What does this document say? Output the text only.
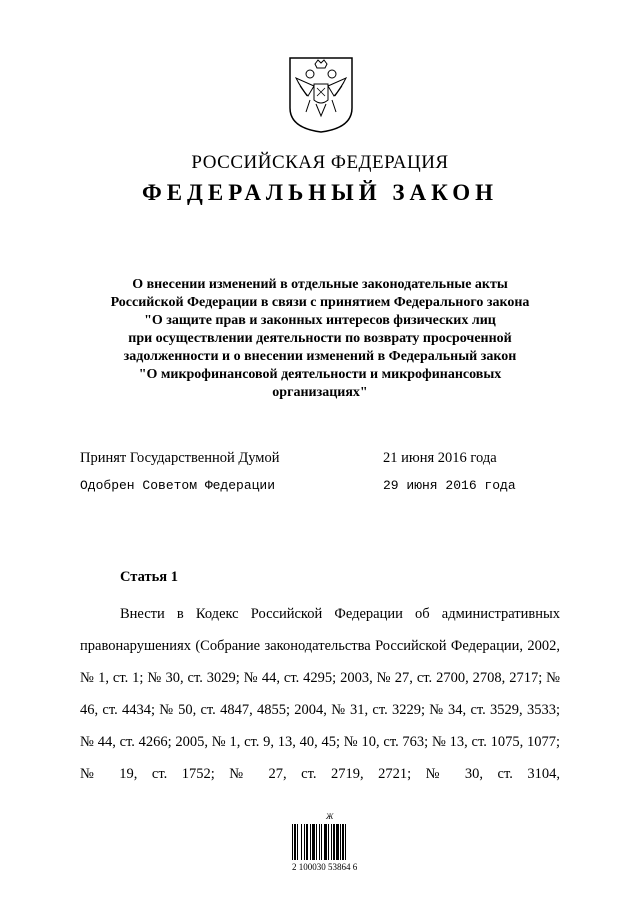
РОССИЙСКАЯ ФЕДЕРАЦИЯ
ФЕДЕРАЛЬНЫЙ ЗАКОН
О внесении изменений в отдельные законодательные акты
Российской Федерации в связи с принятием Федерального закона
"О защите прав и законных интересов физических лиц
при осуществлении деятельности по возврату просроченной
задолженности и о внесении изменений в Федеральный закон
"О микрофинансовой деятельности и микрофинансовых
организациях"
Принят Государственной Думой	21 июня 2016 года
Одобрен Советом Федерации	29 июня 2016 года
Статья 1
Внести в Кодекс Российской Федерации об административных правонарушениях (Собрание законодательства Российской Федерации, 2002, № 1, ст. 1; № 30, ст. 3029; № 44, ст. 4295; 2003, № 27, ст. 2700, 2708, 2717; № 46, ст. 4434; № 50, ст. 4847, 4855; 2004, № 31, ст. 3229; № 34, ст. 3529, 3533; № 44, ст. 4266; 2005, № 1, ст. 9, 13, 40, 45; № 10, ст. 763; № 13, ст. 1075, 1077; № 19, ст. 1752; № 27, ст. 2719, 2721; № 30, ст. 3104,
Ж
2 100030 53864 6
